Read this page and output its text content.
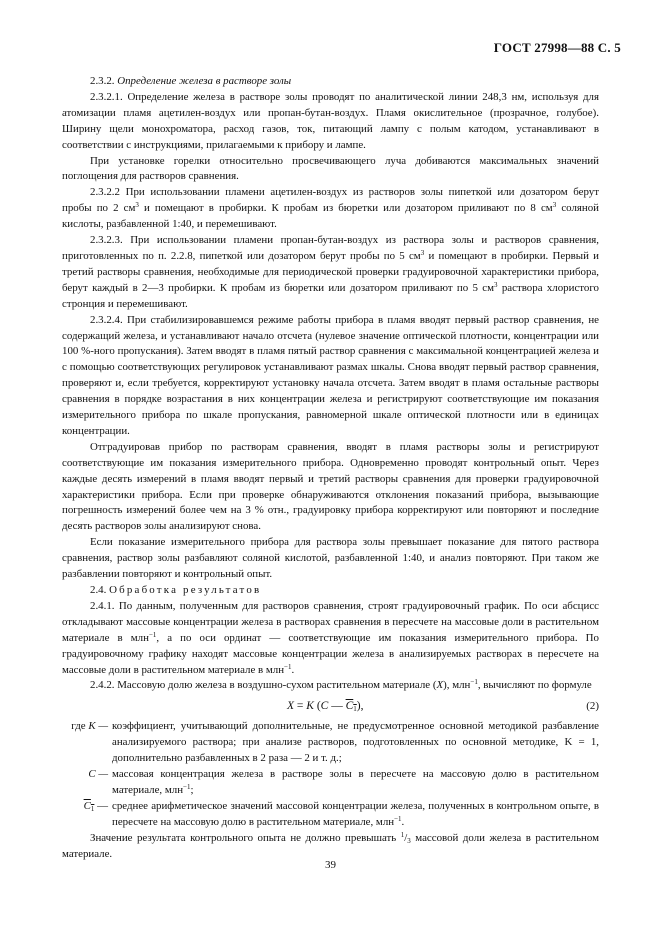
ГОСТ 27998—88 С. 5

2.3.2. Определение железа в растворе золы

2.3.2.1. Определение железа в растворе золы проводят по аналитической линии 248,3 нм, используя для атомизации пламя ацетилен-воздух или пропан-бутан-воздух. Пламя окислительное (прозрачное, голубое). Ширину щели монохроматора, расход газов, ток, питающий лампу с полым катодом, устанавливают в соответствии с инструкциями, прилагаемыми к прибору и лампе.

При установке горелки относительно просвечивающего луча добиваются максимальных значений поглощения для растворов сравнения.

2.3.2.2 При использовании пламени ацетилен-воздух из растворов золы пипеткой или дозатором берут пробы по 2 $см^3$ и помещают в пробирки. К пробам из бюретки или дозатором приливают по 8 $см^3$ соляной кислоты, разбавленной 1:40, и перемешивают.

2.3.2.3. При использовании пламени пропан-бутан-воздух из раствора золы и растворов сравнения, приготовленных по п. 2.2.8, пипеткой или дозатором берут пробы по 5 $см^3$ и помещают в пробирки. Первый и третий растворы сравнения, необходимые для периодической проверки градуировочной характеристики прибора, берут каждый в 2—3 пробирки. К пробам из бюретки или дозатором приливают по 5 $см^3$ раствора хлористого стронция и перемешивают.

2.3.2.4. При стабилизировавшемся режиме работы прибора в пламя вводят первый раствор сравнения, не содержащий железа, и устанавливают начало отсчета (нулевое значение оптической плотности, концентрации или 100 %-ного пропускания). Затем вводят в пламя пятый раствор сравнения с максимальной концентрацией железа и с помощью соответствующих регулировок устанавливают размах шкалы. Снова вводят первый раствор сравнения, проверяют и, если требуется, корректируют установку начала отсчета. Затем вводят в пламя остальные растворы сравнения в порядке возрастания в них концентрации железа и регистрируют соответствующие им показания измерительного прибора по шкале пропускания, равномерной шкале оптической плотности или в единицах концентрации.

Отградуировав прибор по растворам сравнения, вводят в пламя растворы золы и регистрируют соответствующие им показания измерительного прибора. Одновременно проводят контрольный опыт. Через каждые десять измерений в пламя вводят первый и третий растворы сравнения для проверки градуировочной характеристики прибора. Если при проверке обнаруживаются отклонения показаний прибора, вызывающие погрешность измерений более чем на 3 % отн., градуировку прибора корректируют или повторяют и последние десять растворов золы анализируют снова.

Если показание измерительного прибора для раствора золы превышает показание для пятого раствора сравнения, раствор золы разбавляют соляной кислотой, разбавленной 1:40, и анализ повторяют. При таком же разбавлении повторяют и контрольный опыт.

2.4. Обработка результатов

2.4.1. По данным, полученным для растворов сравнения, строят градуировочный график. По оси абсцисс откладывают массовые концентрации железа в растворах сравнения в пересчете на массовые доли в растительном материале в млн$^{-1}$, а по оси ординат — соответствующие им показания измерительного прибора. По градуировочному графику находят массовые концентрации железа в анализируемых растворах в пересчете на массовые доли в растительном материале в млн$^{-1}$.

2.4.2. Массовую долю железа в воздушно-сухом растительном материале (X), млн$^{-1}$, вычисляют по формуле

X = K (C — $C_1$),	(2)
где K — коэффициент, учитывающий дополнительные, не предусмотренное основной методикой разбавление анализируемого раствора; при анализе растворов, подготовленных по основной методике, K = 1, дополнительно разбавленных в 2 раза — 2 и т. д.;
C — массовая концентрация железа в растворе золы в пересчете на массовую долю в растительном материале, млн$^{-1}$;
$C_1$ — среднее арифметическое значений массовой концентрации железа, полученных в контрольном опыте, в пересчете на массовую долю в растительном материале, млн$^{-1}$.

Значение результата контрольного опыта не должно превышать $^1/_3$ массовой доли железа в растительном материале.

39
